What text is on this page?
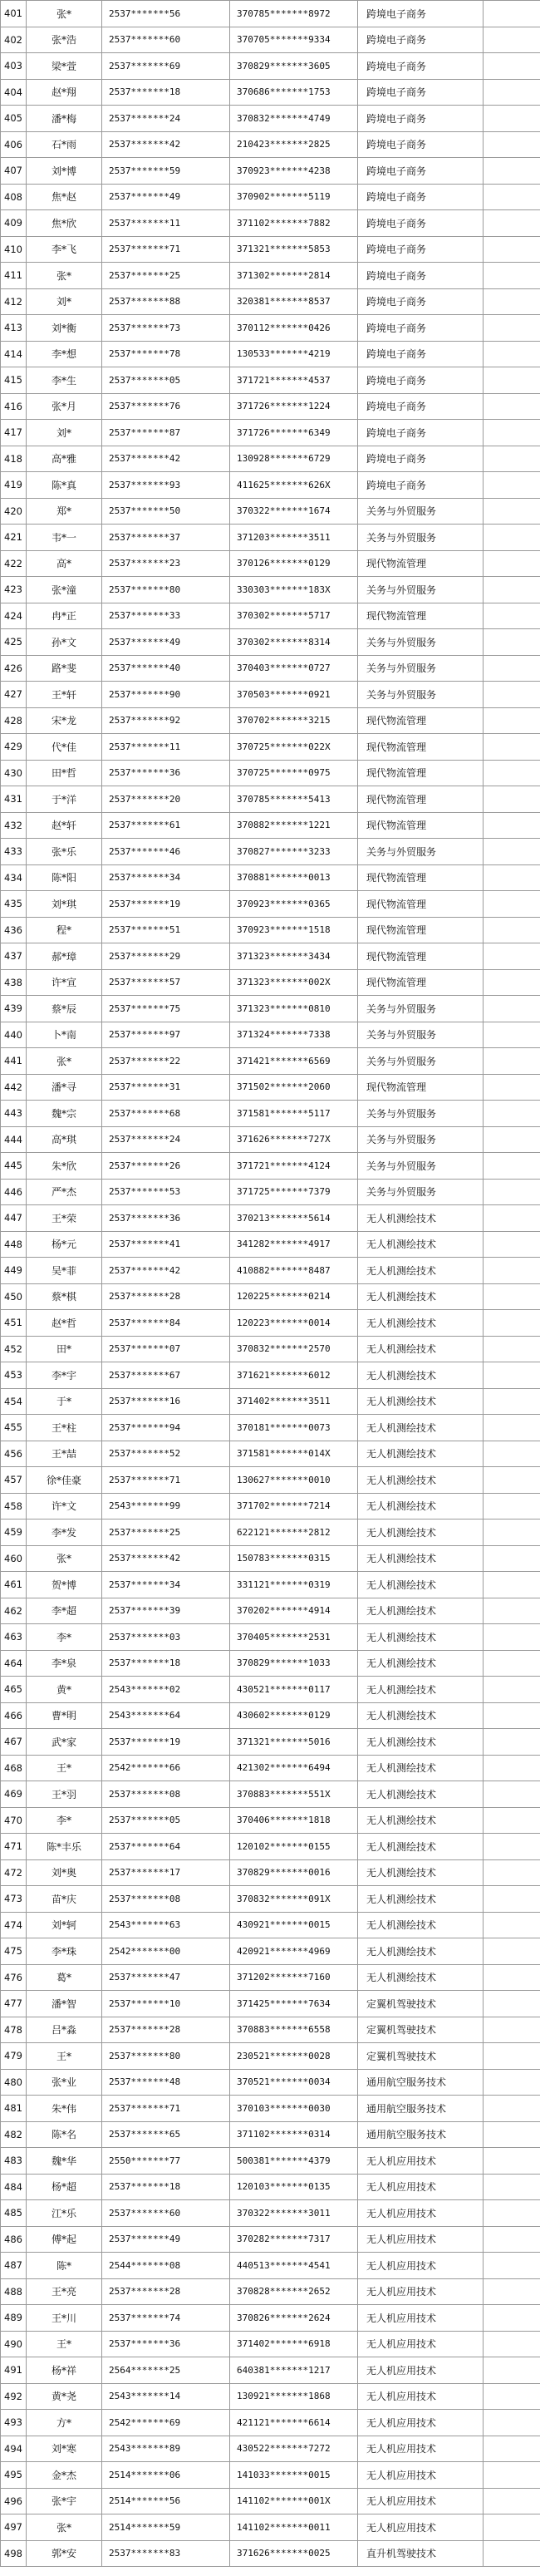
401	张*	2537*******56	370785*******8972	跨境电子商务	
402	张*浩	2537*******60	370705*******9334	跨境电子商务	
403	梁*萱	2537*******69	370829*******3605	跨境电子商务	
404	赵*翔	2537*******18	370686*******1753	跨境电子商务	
405	潘*梅	2537*******24	370832*******4749	跨境电子商务	
406	石*雨	2537*******42	210423*******2825	跨境电子商务	
407	刘*博	2537*******59	370923*******4238	跨境电子商务	
408	焦*赵	2537*******49	370902*******5119	跨境电子商务	
409	焦*欣	2537*******11	371102*******7882	跨境电子商务	
410	李*飞	2537*******71	371321*******5853	跨境电子商务	
411	张*	2537*******25	371302*******2814	跨境电子商务	
412	刘*	2537*******88	320381*******8537	跨境电子商务	
413	刘*衡	2537*******73	370112*******0426	跨境电子商务	
414	李*想	2537*******78	130533*******4219	跨境电子商务	
415	李*生	2537*******05	371721*******4537	跨境电子商务	
416	张*月	2537*******76	371726*******1224	跨境电子商务	
417	刘*	2537*******87	371726*******6349	跨境电子商务	
418	高*雅	2537*******42	130928*******6729	跨境电子商务	
419	陈*真	2537*******93	411625*******626X	跨境电子商务	
420	郑*	2537*******50	370322*******1674	关务与外贸服务	
421	韦*一	2537*******37	371203*******3511	关务与外贸服务	
422	高*	2537*******23	370126*******0129	现代物流管理	
423	张*潼	2537*******80	330303*******183X	关务与外贸服务	
424	冉*正	2537*******33	370302*******5717	现代物流管理	
425	孙*文	2537*******49	370302*******8314	关务与外贸服务	
426	路*斐	2537*******40	370403*******0727	关务与外贸服务	
427	王*轩	2537*******90	370503*******0921	关务与外贸服务	
428	宋*龙	2537*******92	370702*******3215	现代物流管理	
429	代*佳	2537*******11	370725*******022X	现代物流管理	
430	田*哲	2537*******36	370725*******0975	现代物流管理	
431	于*洋	2537*******20	370785*******5413	现代物流管理	
432	赵*轩	2537*******61	370882*******1221	现代物流管理	
433	张*乐	2537*******46	370827*******3233	关务与外贸服务	
434	陈*阳	2537*******34	370881*******0013	现代物流管理	
435	刘*琪	2537*******19	370923*******0365	现代物流管理	
436	程*	2537*******51	370923*******1518	现代物流管理	
437	郝*璋	2537*******29	371323*******3434	现代物流管理	
438	许*宣	2537*******57	371323*******002X	现代物流管理	
439	蔡*辰	2537*******75	371323*******0810	关务与外贸服务	
440	卜*南	2537*******97	371324*******7338	关务与外贸服务	
441	张*	2537*******22	371421*******6569	关务与外贸服务	
442	潘*寻	2537*******31	371502*******2060	现代物流管理	
443	魏*宗	2537*******68	371581*******5117	关务与外贸服务	
444	高*琪	2537*******24	371626*******727X	关务与外贸服务	
445	朱*欣	2537*******26	371721*******4124	关务与外贸服务	
446	严*杰	2537*******53	371725*******7379	关务与外贸服务	
447	王*荣	2537*******36	370213*******5614	无人机测绘技术	
448	杨*元	2537*******41	341282*******4917	无人机测绘技术	
449	吴*菲	2537*******42	410882*******8487	无人机测绘技术	
450	蔡*棋	2537*******28	120225*******0214	无人机测绘技术	
451	赵*哲	2537*******84	120223*******0014	无人机测绘技术	
452	田*	2537*******07	370832*******2570	无人机测绘技术	
453	李*宇	2537*******67	371621*******6012	无人机测绘技术	
454	于*	2537*******16	371402*******3511	无人机测绘技术	
455	王*柱	2537*******94	370181*******0073	无人机测绘技术	
456	王*喆	2537*******52	371581*******014X	无人机测绘技术	
457	徐*佳豪	2537*******71	130627*******0010	无人机测绘技术	
458	许*文	2543*******99	371702*******7214	无人机测绘技术	
459	李*发	2537*******25	622121*******2812	无人机测绘技术	
460	张*	2537*******42	150783*******0315	无人机测绘技术	
461	贺*博	2537*******34	331121*******0319	无人机测绘技术	
462	李*超	2537*******39	370202*******4914	无人机测绘技术	
463	李*	2537*******03	370405*******2531	无人机测绘技术	
464	李*泉	2537*******18	370829*******1033	无人机测绘技术	
465	黄*	2543*******02	430521*******0117	无人机测绘技术	
466	曹*明	2543*******64	430602*******0129	无人机测绘技术	
467	武*家	2537*******19	371321*******5016	无人机测绘技术	
468	王*	2542*******66	421302*******6494	无人机测绘技术	
469	王*羽	2537*******08	370883*******551X	无人机测绘技术	
470	李*	2537*******05	370406*******1818	无人机测绘技术	
471	陈*丰乐	2537*******64	120102*******0155	无人机测绘技术	
472	刘*奥	2537*******17	370829*******0016	无人机测绘技术	
473	苗*庆	2537*******08	370832*******091X	无人机测绘技术	
474	刘*轲	2543*******63	430921*******0015	无人机测绘技术	
475	李*珠	2542*******00	420921*******4969	无人机测绘技术	
476	葛*	2537*******47	371202*******7160	无人机测绘技术	
477	潘*智	2537*******10	371425*******7634	定翼机驾驶技术	
478	吕*淼	2537*******28	370883*******6558	定翼机驾驶技术	
479	王*	2537*******80	230521*******0028	定翼机驾驶技术	
480	张*业	2537*******48	370521*******0034	通用航空服务技术	
481	朱*伟	2537*******71	370103*******0030	通用航空服务技术	
482	陈*名	2537*******65	371102*******0314	通用航空服务技术	
483	魏*华	2550*******77	500381*******4379	无人机应用技术	
484	杨*超	2537*******18	120103*******0135	无人机应用技术	
485	江*乐	2537*******60	370322*******3011	无人机应用技术	
486	傅*起	2537*******49	370282*******7317	无人机应用技术	
487	陈*	2544*******08	440513*******4541	无人机应用技术	
488	王*亮	2537*******28	370828*******2652	无人机应用技术	
489	王*川	2537*******74	370826*******2624	无人机应用技术	
490	王*	2537*******36	371402*******6918	无人机应用技术	
491	杨*祥	2564*******25	640381*******1217	无人机应用技术	
492	黄*尧	2543*******14	130921*******1868	无人机应用技术	
493	方*	2542*******69	421121*******6614	无人机应用技术	
494	刘*寒	2543*******89	430522*******7272	无人机应用技术	
495	金*杰	2514*******06	141033*******0015	无人机应用技术	
496	张*宇	2514*******56	141102*******001X	无人机应用技术	
497	张*	2514*******59	141102*******0011	无人机应用技术	
498	郭*安	2537*******83	371626*******0025	直升机驾驶技术	
